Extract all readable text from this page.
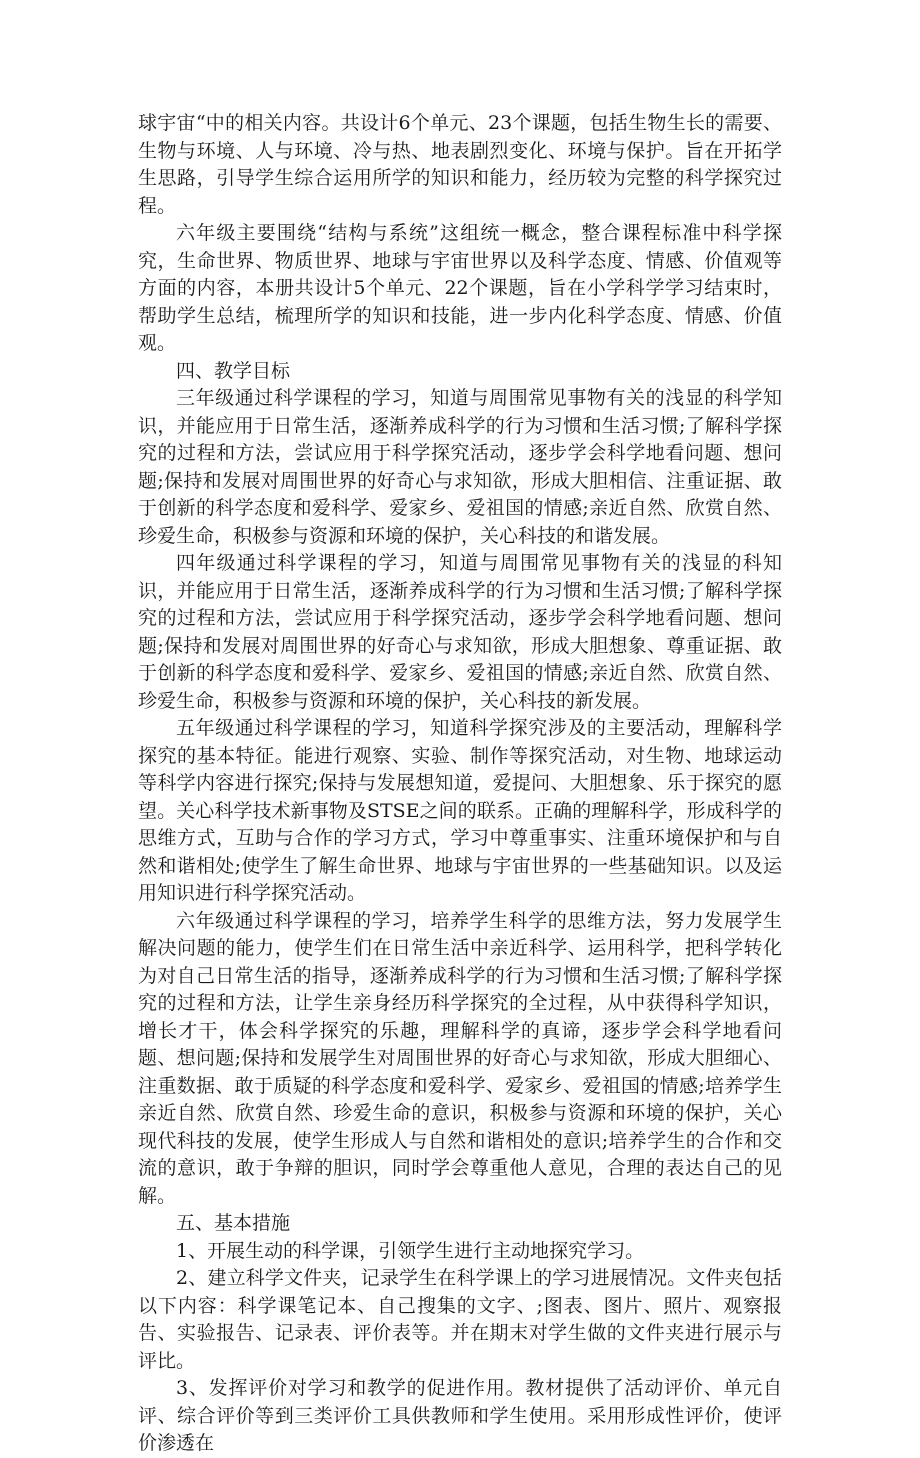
球宇宙“中的相关内容。共设计6个单元、23个课题，包括生物生长的需要、生物与环境、人与环境、冷与热、地表剧烈变化、环境与保护。旨在开拓学生思路，引导学生综合运用所学的知识和能力，经历较为完整的科学探究过程。

六年级主要围绕“结构与系统”这组统一概念，整合课程标准中科学探究，生命世界、物质世界、地球与宇宙世界以及科学态度、情感、价值观等方面的内容，本册共设计5个单元、22个课题，旨在小学科学学习结束时，帮助学生总结，梳理所学的知识和技能，进一步内化科学态度、情感、价值观。

四、教学目标

三年级通过科学课程的学习，知道与周围常见事物有关的浅显的科学知识，并能应用于日常生活，逐渐养成科学的行为习惯和生活习惯;了解科学探究的过程和方法，尝试应用于科学探究活动，逐步学会科学地看问题、想问题;保持和发展对周围世界的好奇心与求知欲，形成大胆相信、注重证据、敢于创新的科学态度和爱科学、爱家乡、爱祖国的情感;亲近自然、欣赏自然、珍爱生命，积极参与资源和环境的保护，关心科技的和谐发展。

四年级通过科学课程的学习，知道与周围常见事物有关的浅显的科知识，并能应用于日常生活，逐渐养成科学的行为习惯和生活习惯;了解科学探究的过程和方法，尝试应用于科学探究活动，逐步学会科学地看问题、想问题;保持和发展对周围世界的好奇心与求知欲，形成大胆想象、尊重证据、敢于创新的科学态度和爱科学、爱家乡、爱祖国的情感;亲近自然、欣赏自然、珍爱生命，积极参与资源和环境的保护，关心科技的新发展。

五年级通过科学课程的学习，知道科学探究涉及的主要活动，理解科学探究的基本特征。能进行观察、实验、制作等探究活动，对生物、地球运动等科学内容进行探究;保持与发展想知道，爱提问、大胆想象、乐于探究的愿望。关心科学技术新事物及STSE之间的联系。正确的理解科学，形成科学的思维方式，互助与合作的学习方式，学习中尊重事实、注重环境保护和与自然和谐相处;使学生了解生命世界、地球与宇宙世界的一些基础知识。以及运用知识进行科学探究活动。

六年级通过科学课程的学习，培养学生科学的思维方法，努力发展学生解决问题的能力，使学生们在日常生活中亲近科学、运用科学，把科学转化为对自己日常生活的指导，逐渐养成科学的行为习惯和生活习惯;了解科学探究的过程和方法，让学生亲身经历科学探究的全过程，从中获得科学知识，增长才干，体会科学探究的乐趣，理解科学的真谛，逐步学会科学地看问题、想问题;保持和发展学生对周围世界的好奇心与求知欲，形成大胆细心、注重数据、敢于质疑的科学态度和爱科学、爱家乡、爱祖国的情感;培养学生亲近自然、欣赏自然、珍爱生命的意识，积极参与资源和环境的保护，关心现代科技的发展，使学生形成人与自然和谐相处的意识;培养学生的合作和交流的意识，敢于争辩的胆识，同时学会尊重他人意见，合理的表达自己的见解。

五、基本措施

1、开展生动的科学课，引领学生进行主动地探究学习。

2、建立科学文件夹，记录学生在科学课上的学习进展情况。文件夹包括以下内容：科学课笔记本、自己搜集的文字、;图表、图片、照片、观察报告、实验报告、记录表、评价表等。并在期末对学生做的文件夹进行展示与评比。

3、发挥评价对学习和教学的促进作用。教材提供了活动评价、单元自评、综合评价等到三类评价工具供教师和学生使用。采用形成性评价，使评价渗透在
